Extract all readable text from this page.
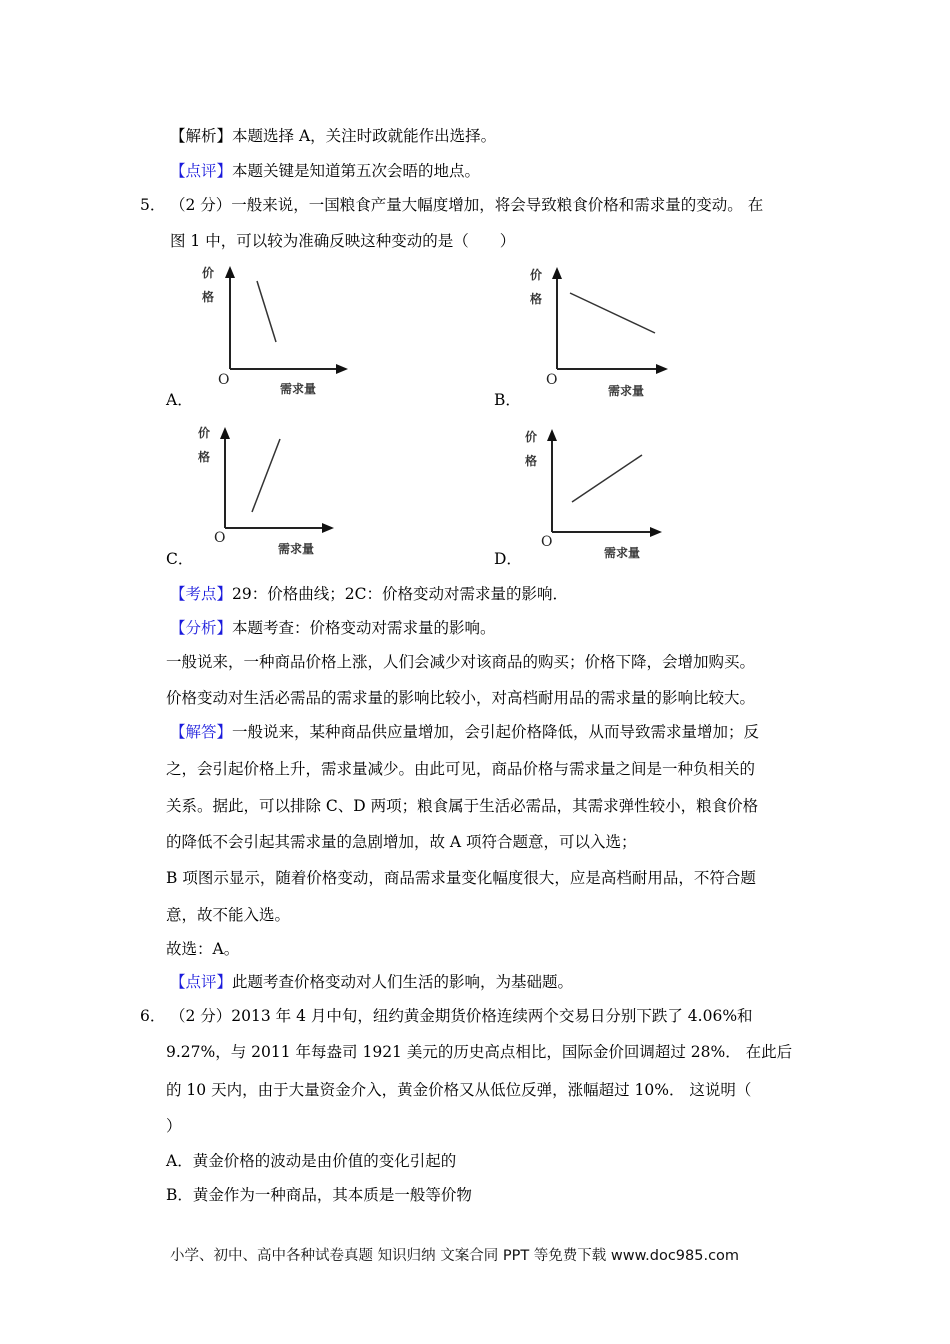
【解析】本题选择 A，关注时政就能作出选择。
【点评】本题关键是知道第五次会晤的地点。
5． （2 分）一般来说，一国粮食产量大幅度增加，将会导致粮食价格和需求量的变动。 在
图 1 中，可以较为准确反映这种变动的是（　　）
价
格
O
需求量
A．
价
格
O
需求量
B．
价
格
O
需求量
C．
价
格
O
需求量
D．
【考点】29：价格曲线；2C：价格变动对需求量的影响．
【分析】本题考查：价格变动对需求量的影响。
一般说来，一种商品价格上涨，人们会减少对该商品的购买；价格下降，会增加购买。
价格变动对生活必需品的需求量的影响比较小，对高档耐用品的需求量的影响比较大。
【解答】一般说来，某种商品供应量增加，会引起价格降低，从而导致需求量增加；反
之，会引起价格上升，需求量减少。由此可见，商品价格与需求量之间是一种负相关的
关系。据此，可以排除 C、D 两项；粮食属于生活必需品，其需求弹性较小，粮食价格
的降低不会引起其需求量的急剧增加，故 A 项符合题意，可以入选；
B 项图示显示，随着价格变动，商品需求量变化幅度很大，应是高档耐用品，不符合题
意，故不能入选。
故选：A。
【点评】此题考查价格变动对人们生活的影响，为基础题。
6． （2 分）2013 年 4 月中旬，纽约黄金期货价格连续两个交易日分别下跌了 4.06%和
9.27%，与 2011 年每盎司 1921 美元的历史高点相比，国际金价回调超过 28%． 在此后
的 10 天内，由于大量资金介入，黄金价格又从低位反弹，涨幅超过 10%． 这说明（
）
A．黄金价格的波动是由价值的变化引起的
B．黄金作为一种商品，其本质是一般等价物
小学、初中、高中各种试卷真题 知识归纳 文案合同 PPT 等免费下载 www.doc985.com
